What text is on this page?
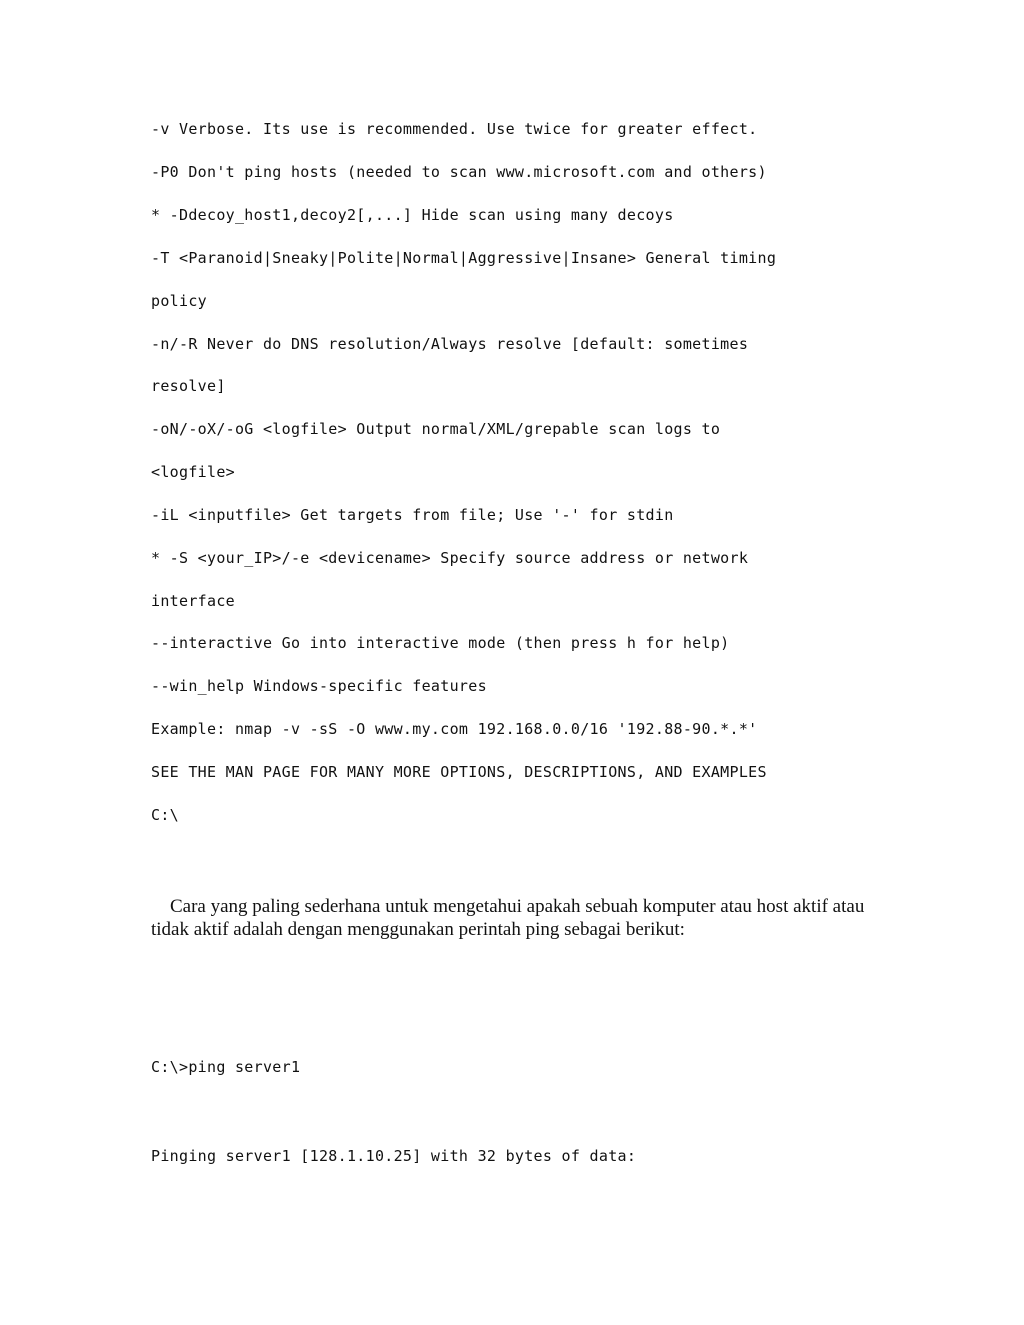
-v Verbose. Its use is recommended. Use twice for greater effect.
-P0 Don't ping hosts (needed to scan www.microsoft.com and others)
* -Ddecoy_host1,decoy2[,...] Hide scan using many decoys
-T <Paranoid|Sneaky|Polite|Normal|Aggressive|Insane> General timing
policy
-n/-R Never do DNS resolution/Always resolve [default: sometimes
resolve]
-oN/-oX/-oG <logfile> Output normal/XML/grepable scan logs to
<logfile>
-iL <inputfile> Get targets from file; Use '-' for stdin
* -S <your_IP>/-e <devicename> Specify source address or network
interface
--interactive Go into interactive mode (then press h for help)
--win_help Windows-specific features
Example: nmap -v -sS -O www.my.com 192.168.0.0/16 '192.88-90.*.*'
SEE THE MAN PAGE FOR MANY MORE OPTIONS, DESCRIPTIONS, AND EXAMPLES
C:\
Cara yang paling sederhana untuk mengetahui apakah sebuah komputer atau host aktif atau tidak aktif adalah dengan menggunakan perintah ping sebagai berikut:
C:\>ping server1
Pinging server1 [128.1.10.25] with 32 bytes of data:
